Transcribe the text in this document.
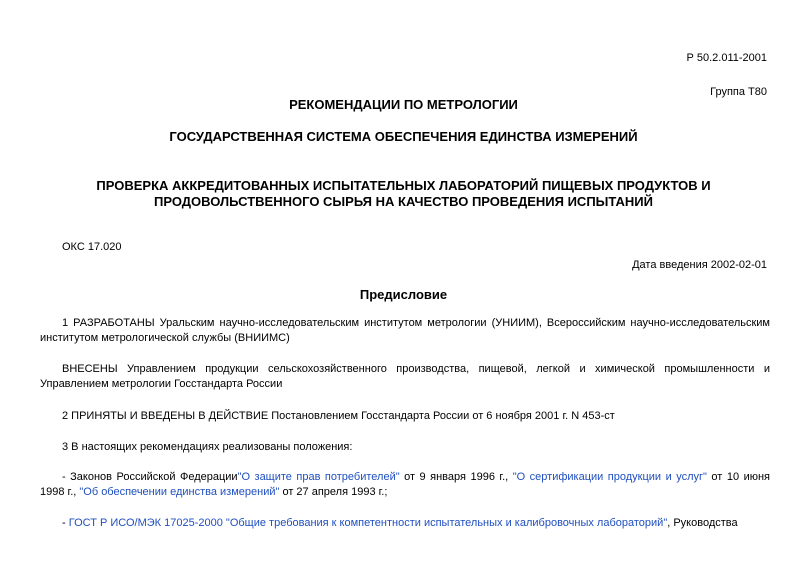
Р 50.2.011-2001
Группа Т80
РЕКОМЕНДАЦИИ ПО МЕТРОЛОГИИ
ГОСУДАРСТВЕННАЯ СИСТЕМА ОБЕСПЕЧЕНИЯ ЕДИНСТВА ИЗМЕРЕНИЙ
ПРОВЕРКА АККРЕДИТОВАННЫХ ИСПЫТАТЕЛЬНЫХ ЛАБОРАТОРИЙ ПИЩЕВЫХ ПРОДУКТОВ И ПРОДОВОЛЬСТВЕННОГО СЫРЬЯ НА КАЧЕСТВО ПРОВЕДЕНИЯ ИСПЫТАНИЙ
ОКС 17.020
Дата введения 2002-02-01
Предисловие
1 РАЗРАБОТАНЫ Уральским научно-исследовательским институтом метрологии (УНИИМ), Всероссийским научно-исследовательским институтом метрологической службы (ВНИИМС)
ВНЕСЕНЫ Управлением продукции сельскохозяйственного производства, пищевой, легкой и химической промышленности и Управлением метрологии Госстандарта России
2 ПРИНЯТЫ И ВВЕДЕНЫ В ДЕЙСТВИЕ Постановлением Госстандарта России от 6 ноября 2001 г. N 453-ст
3 В настоящих рекомендациях реализованы положения:
- Законов Российской Федерации"О защите прав потребителей" от 9 января 1996 г., "О сертификации продукции и услуг" от 10 июня 1998 г., "Об обеспечении единства измерений" от 27 апреля 1993 г.;
- ГОСТ Р ИСО/МЭК 17025-2000 "Общие требования к компетентности испытательных и калибровочных лабораторий", Руководства
